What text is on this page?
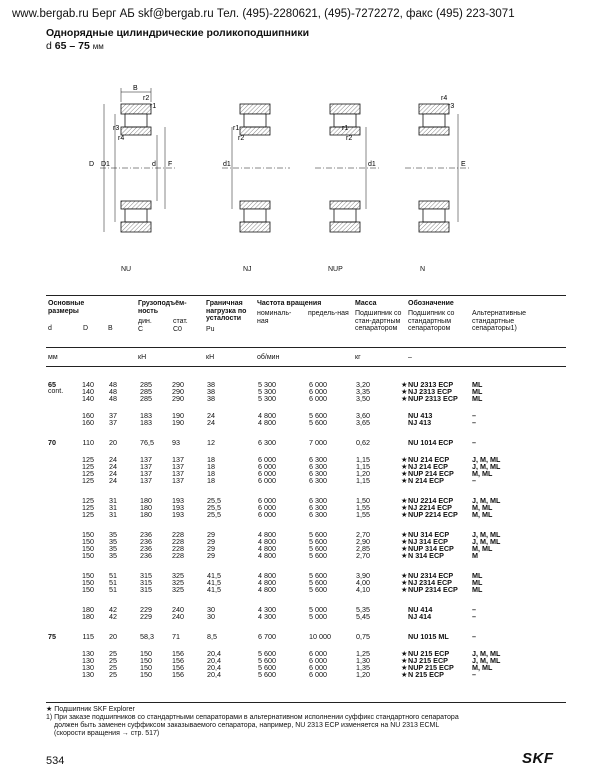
www.bergab.ru Берг АБ skf@bergab.ru Тел. (495)-2280621, (495)-7272272, факс (495) 223-3071
Однорядные цилиндрические роликоподшипники
d 65 – 75 мм
B
r2
r1
r3
r4
D D1	d F
r1
r2
d1
r1
r2
d1
r4
r3
E
NU	NJ	NUP	N
Основные размеры
d	D	B
Грузоподъём-ность
дин.	стат.
C	C0
Граничная нагрузка по усталости
Pu
Частота вращения
номиналь-ная
предель-ная
Масса
Подшипник со стан-дартным сепаратором
Обозначение
Подшипник со стандартным сепаратором
Альтернативные стандартные сепараторы1)
мм	кН	кН	об/мин	кг	–
65	140	48	285	290	38	5 300	6 000	3,20	★ NU 2313 ECP	ML
140	48	285	290	38	5 300	6 000	3,35	★ NJ 2313 ECP	ML
140	48	285	290	38	5 300	6 000	3,50	★ NUP 2313 ECP ML
160	37	183	190	24	4 800	5 600	3,60	NU 413	–
160	37	183	190	24	4 800	5 600	3,65	NJ 413	–
70	110	20	76,5	93	12	6 300	7 000	0,62	NU 1014 ECP	–
125	24	137	137	18	6 000	6 300	1,15	★ NU 214 ECP	J, M, ML
125	24	137	137	18	6 000	6 300	1,15	★ NJ 214 ECP	J, M, ML
125	24	137	137	18	6 000	6 300	1,20	★ NUP 214 ECP	M, ML
125	24	137	137	18	6 000	6 300	1,15	★ N 214 ECP	–
125	31	180	193	25,5	6 000	6 300	1,50	★ NU 2214 ECP	J, M, ML
125	31	180	193	25,5	6 000	6 300	1,55	★ NJ 2214 ECP	M, ML
125	31	180	193	25,5	6 000	6 300	1,55	★ NUP 2214 ECP M, ML
150	35	236	228	29	4 800	5 600	2,70	★ NU 314 ECP	J, M, ML
150	35	236	228	29	4 800	5 600	2,90	★ NJ 314 ECP	J, M, ML
150	35	236	228	29	4 800	5 600	2,85	★ NUP 314 ECP	M, ML
150	35	236	228	29	4 800	5 600	2,70	★ N 314 ECP	M
150	51	315	325	41,5	4 800	5 600	3,90	★ NU 2314 ECP	ML
150	51	315	325	41,5	4 800	5 600	4,00	★ NJ 2314 ECP	ML
150	51	315	325	41,5	4 800	5 600	4,10	★ NUP 2314 ECP ML
180	42	229	240	30	4 300	5 000	5,35	NU 414	–
180	42	229	240	30	4 300	5 000	5,45	NJ 414	–
75	115	20	58,3	71	8,5	6 700	10 000	0,75	NU 1015 ML	–
130	25	150	156	20,4	5 600	6 000	1,25	★ NU 215 ECP	J, M, ML
130	25	150	156	20,4	5 600	6 000	1,30	★ NJ 215 ECP	J, M, ML
130	25	150	156	20,4	5 600	6 000	1,35	★ NUP 215 ECP	M, ML
130	25	150	156	20,4	5 600	6 000	1,20	★ N 215 ECP	–
cont.
★ Подшипник SKF Explorer
1) При заказе подшипников со стандартными сепараторами в альтернативном исполнении суффикс стандартного сепаратора
должен быть заменен суффиксом заказываемого сепаратора, например, NU 2313 ECP изменяется на NU 2313 ECML
(скорости вращения → стр. 517)
534	SKF
